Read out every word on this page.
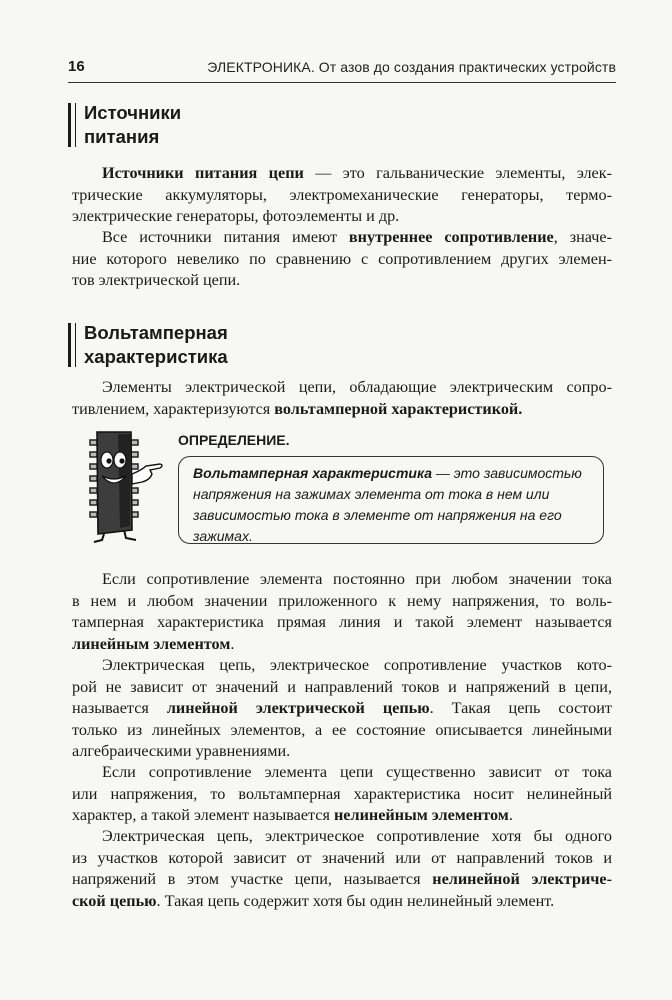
16	ЭЛЕКТРОНИКА. От азов до создания практических устройств
Источники
питания
Источники питания цепи — это гальванические элементы, элек-
трические аккумуляторы, электромеханические генераторы, термо-
электрические генераторы, фотоэлементы и др.
Все источники питания имеют внутреннее сопротивление, значе-
ние которого невелико по сравнению с сопротивлением других элемен-
тов электрической цепи.
Вольтамперная
характеристика
Элементы электрической цепи, обладающие электрическим сопро-
тивлением, характеризуются вольтамперной характеристикой.
ОПРЕДЕЛЕНИЕ.
Вольтамперная характеристика — это зависимостью
напряжения на зажимах элемента от тока в нем или
зависимостью тока в элементе от напряжения на его
зажимах.
Если сопротивление элемента постоянно при любом значении тока
в нем и любом значении приложенного к нему напряжения, то воль-
тамперная характеристика прямая линия и такой элемент называется
линейным элементом.
Электрическая цепь, электрическое сопротивление участков кото-
рой не зависит от значений и направлений токов и напряжений в цепи,
называется линейной электрической цепью. Такая цепь состоит
только из линейных элементов, а ее состояние описывается линейными
алгебраическими уравнениями.
Если сопротивление элемента цепи существенно зависит от тока
или напряжения, то вольтамперная характеристика носит нелинейный
характер, а такой элемент называется нелинейным элементом.
Электрическая цепь, электрическое сопротивление хотя бы одного
из участков которой зависит от значений или от направлений токов и
напряжений в этом участке цепи, называется нелинейной электриче-
ской цепью. Такая цепь содержит хотя бы один нелинейный элемент.
